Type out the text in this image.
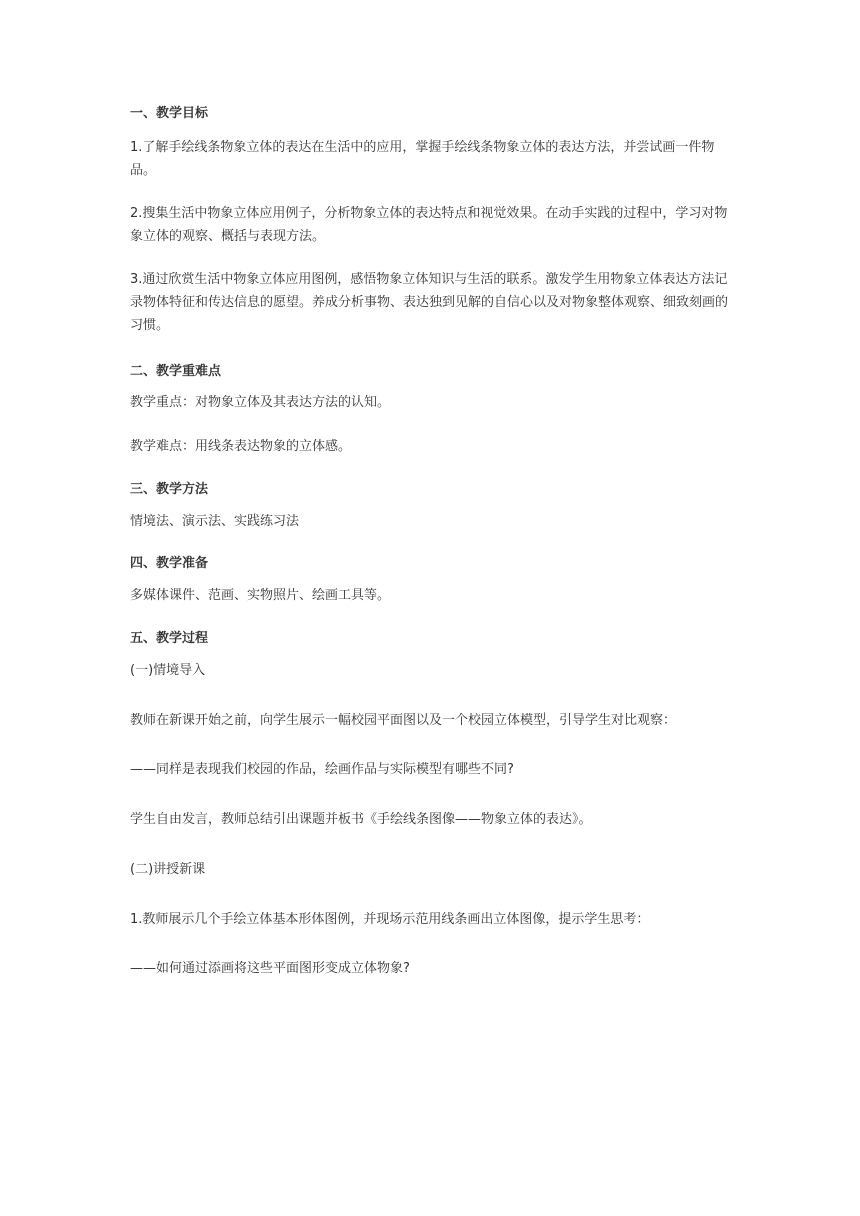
一、教学目标

1.了解手绘线条物象立体的表达在生活中的应用，掌握手绘线条物象立体的表达方法，并尝试画一件物品。

2.搜集生活中物象立体应用例子，分析物象立体的表达特点和视觉效果。在动手实践的过程中，学习对物象立体的观察、概括与表现方法。

3.通过欣赏生活中物象立体应用图例，感悟物象立体知识与生活的联系。激发学生用物象立体表达方法记录物体特征和传达信息的愿望。养成分析事物、表达独到见解的自信心以及对物象整体观察、细致刻画的习惯。

二、教学重难点

教学重点：对物象立体及其表达方法的认知。

教学难点：用线条表达物象的立体感。

三、教学方法

情境法、演示法、实践练习法

四、教学准备

多媒体课件、范画、实物照片、绘画工具等。

五、教学过程

(一)情境导入

教师在新课开始之前，向学生展示一幅校园平面图以及一个校园立体模型，引导学生对比观察：

——同样是表现我们校园的作品，绘画作品与实际模型有哪些不同?

学生自由发言，教师总结引出课题并板书《手绘线条图像——物象立体的表达》。

(二)讲授新课

1.教师展示几个手绘立体基本形体图例，并现场示范用线条画出立体图像，提示学生思考：

——如何通过添画将这些平面图形变成立体物象?
